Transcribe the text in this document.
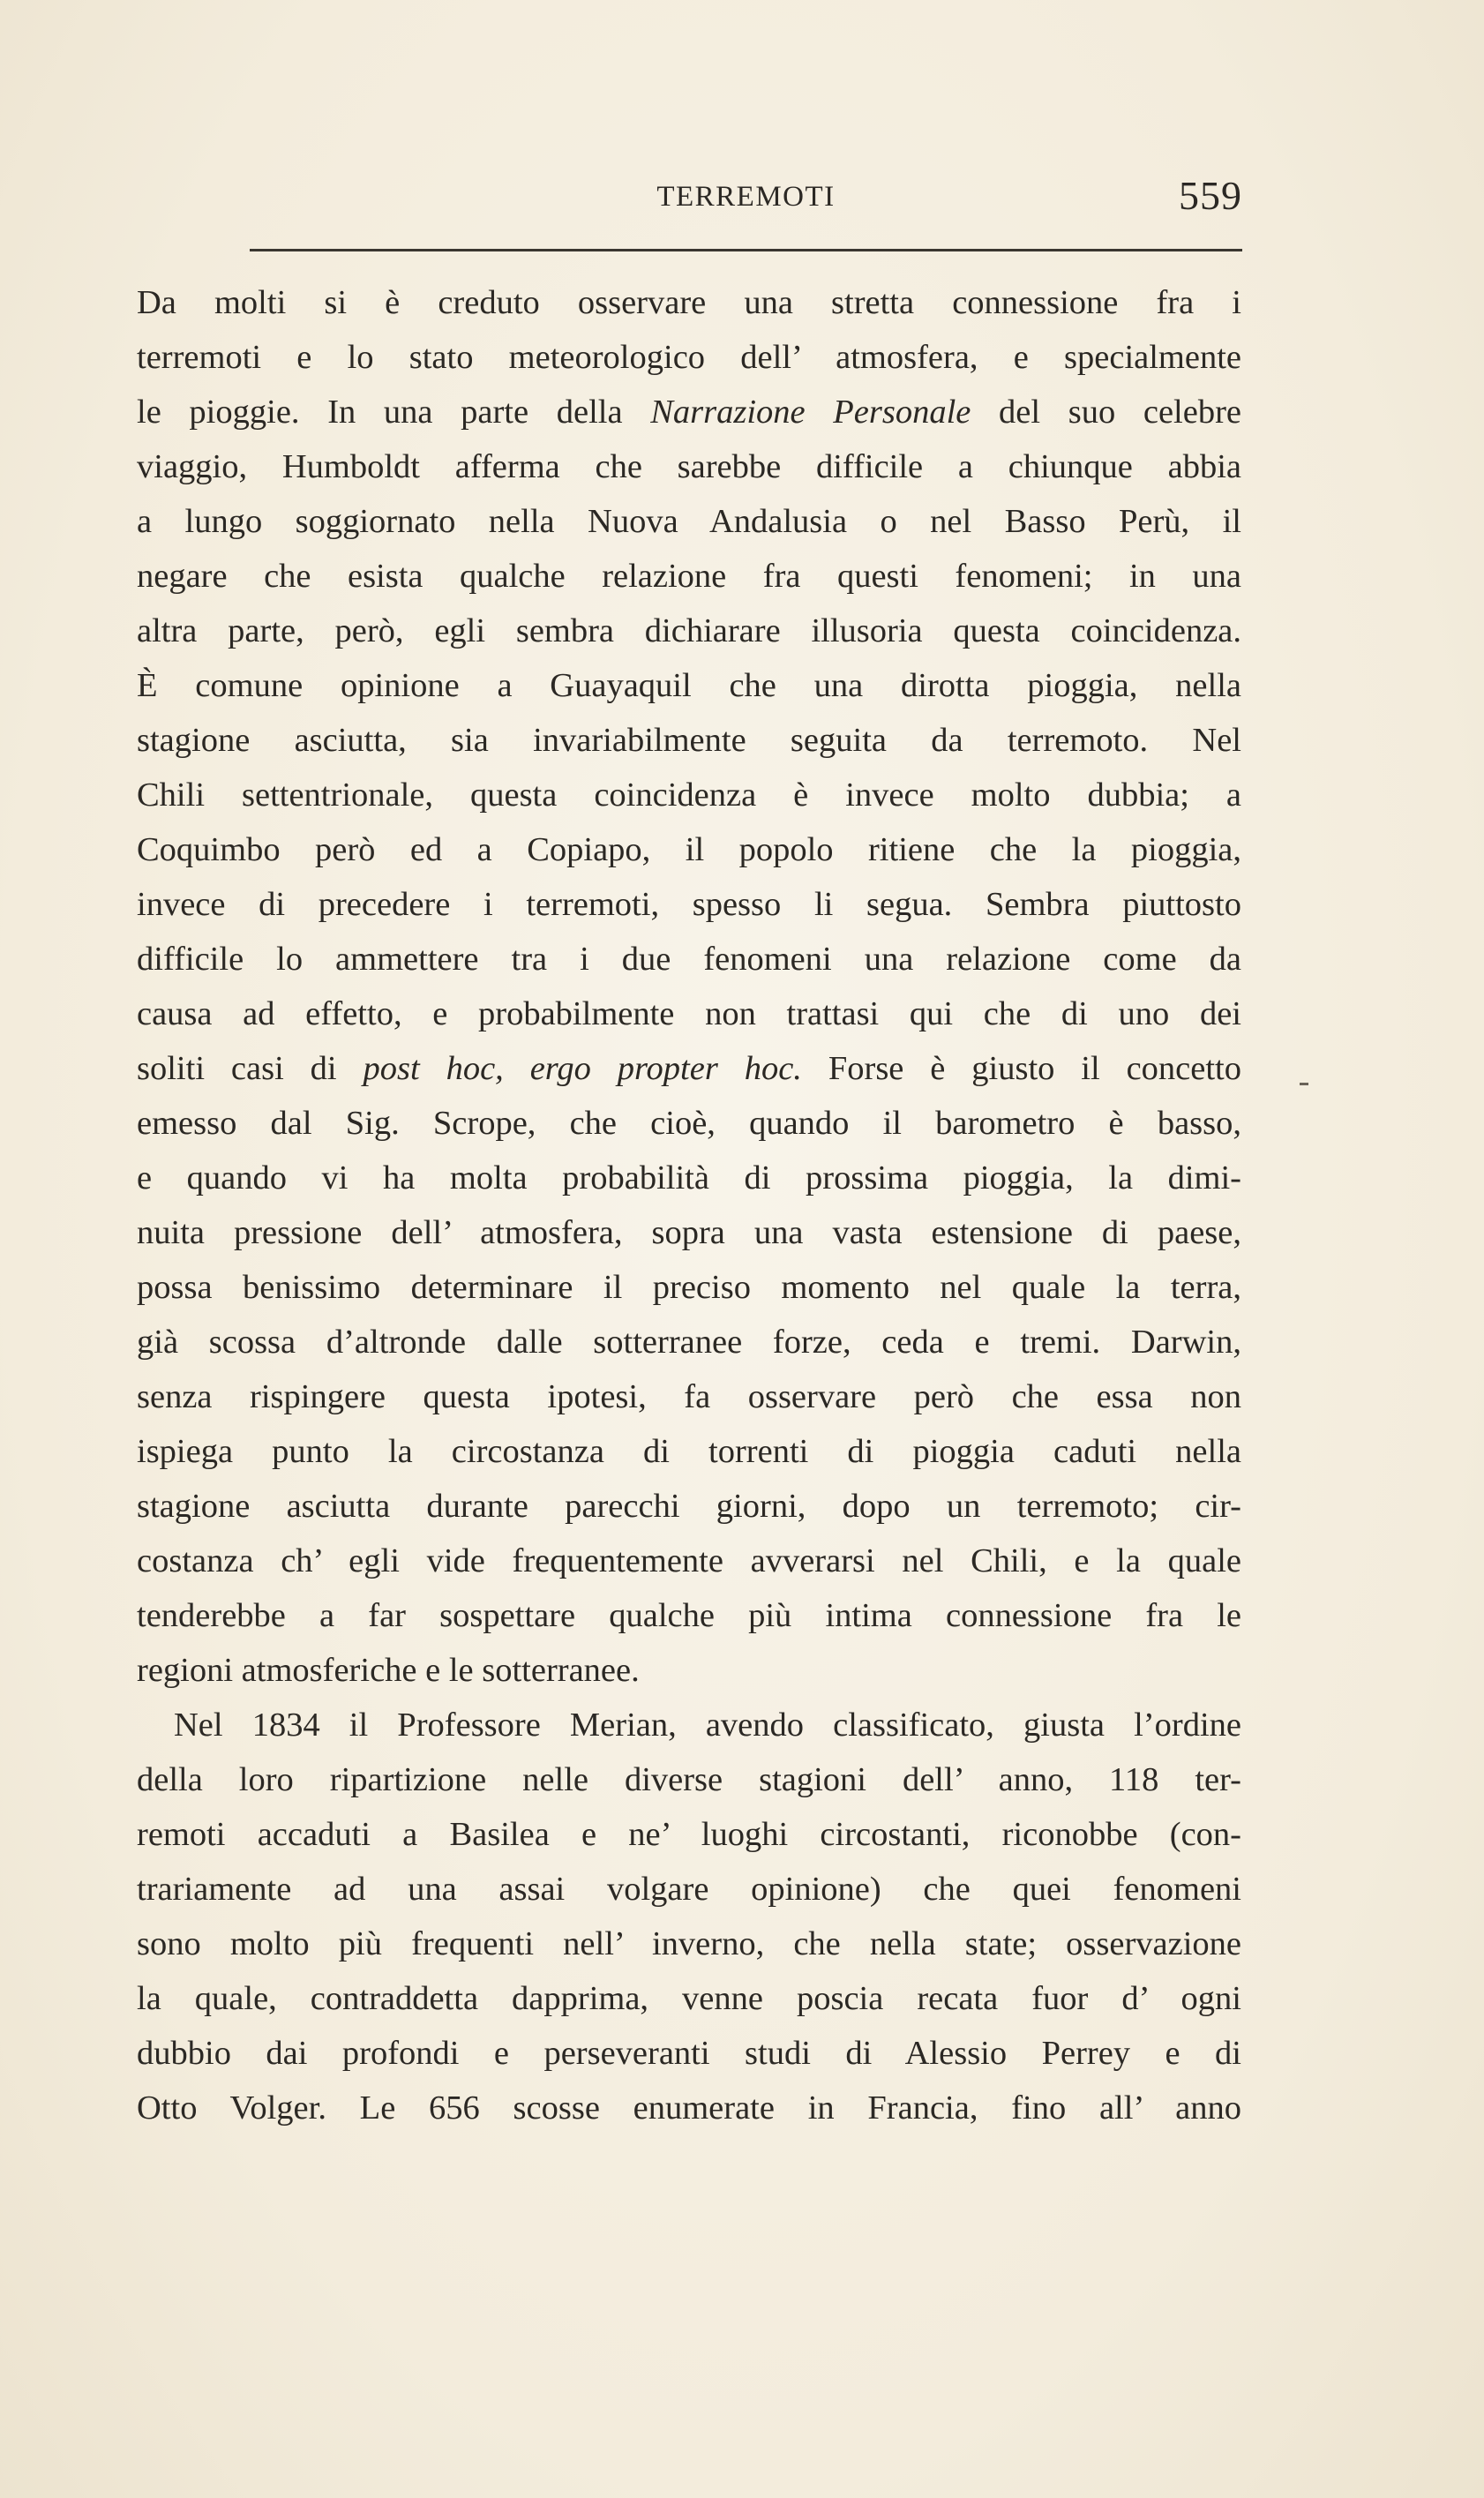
TERREMOTI	559
Da molti si è creduto osservare una stretta connessione fra i
terremoti e lo stato meteorologico dell’ atmosfera, e specialmente
le pioggie. In una parte della Narrazione Personale del suo celebre
viaggio, Humboldt afferma che sarebbe difficile a chiunque abbia
a lungo soggiornato nella Nuova Andalusia o nel Basso Perù, il
negare che esista qualche relazione fra questi fenomeni; in una
altra parte, però, egli sembra dichiarare illusoria questa coincidenza.
È comune opinione a Guayaquil che una dirotta pioggia, nella
stagione asciutta, sia invariabilmente seguita da terremoto. Nel
Chili settentrionale, questa coincidenza è invece molto dubbia; a
Coquimbo però ed a Copiapo, il popolo ritiene che la pioggia,
invece di precedere i terremoti, spesso li segua. Sembra piuttosto
difficile lo ammettere tra i due fenomeni una relazione come da
causa ad effetto, e probabilmente non trattasi qui che di uno dei
soliti casi di post hoc, ergo propter hoc. Forse è giusto il concetto
emesso dal Sig. Scrope, che cioè, quando il barometro è basso,
e quando vi ha molta probabilità di prossima pioggia, la dimi-
nuita pressione dell’ atmosfera, sopra una vasta estensione di paese,
possa benissimo determinare il preciso momento nel quale la terra,
già scossa d’altronde dalle sotterranee forze, ceda e tremi. Darwin,
senza rispingere questa ipotesi, fa osservare però che essa non
ispiega punto la circostanza di torrenti di pioggia caduti nella
stagione asciutta durante parecchi giorni, dopo un terremoto; cir-
costanza ch’ egli vide frequentemente avverarsi nel Chili, e la quale
tenderebbe a far sospettare qualche più intima connessione fra le
regioni atmosferiche e le sotterranee.
Nel 1834 il Professore Merian, avendo classificato, giusta l’ordine
della loro ripartizione nelle diverse stagioni dell’ anno, 118 ter-
remoti accaduti a Basilea e ne’ luoghi circostanti, riconobbe (con-
trariamente ad una assai volgare opinione) che quei fenomeni
sono molto più frequenti nell’ inverno, che nella state; osservazione
la quale, contraddetta dapprima, venne poscia recata fuor d’ ogni
dubbio dai profondi e perseveranti studi di Alessio Perrey e di
Otto Volger. Le 656 scosse enumerate in Francia, fino all’ anno
